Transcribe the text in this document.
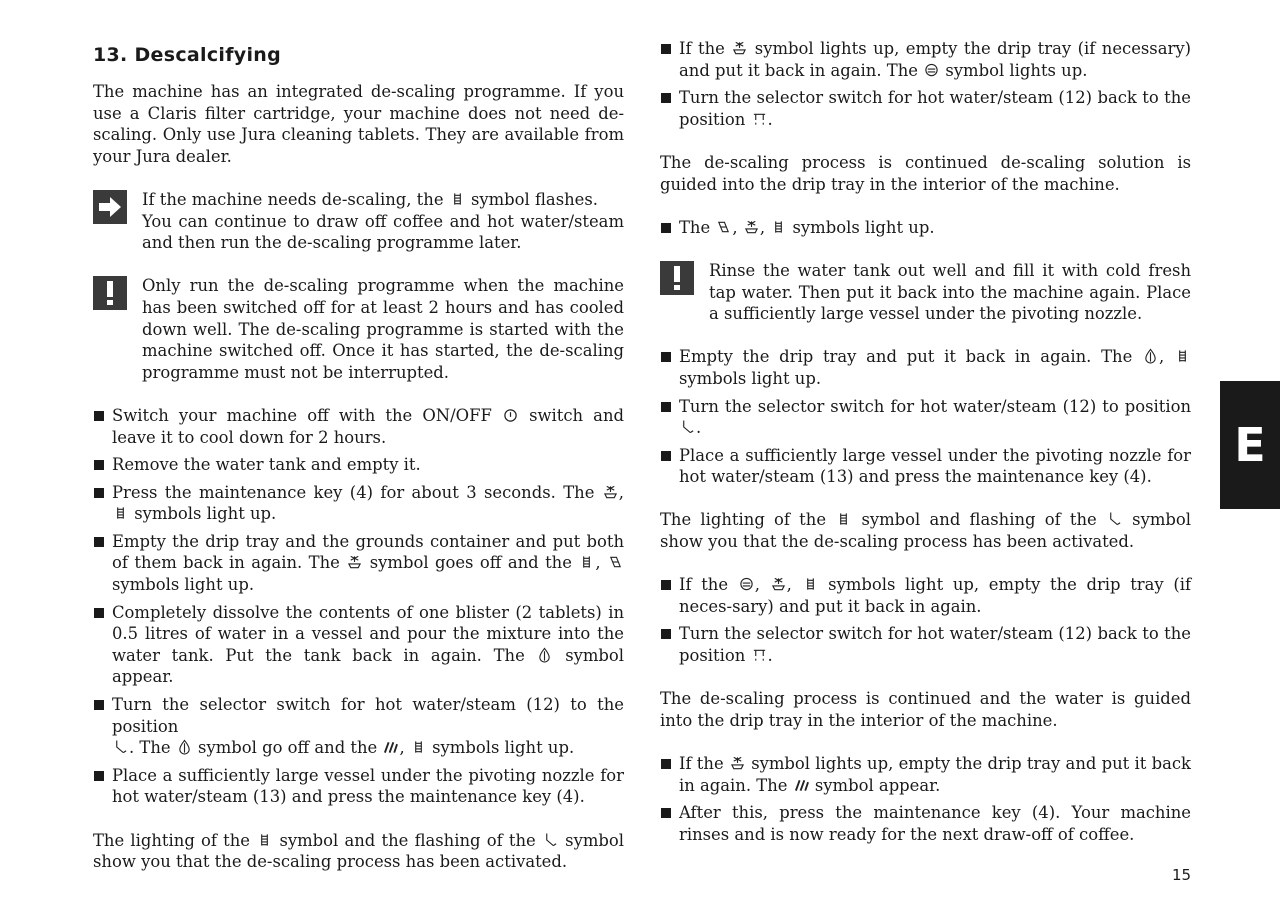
13. Descalcifying

The machine has an integrated de-scaling programme. If you use a Claris filter cartridge, your machine does not need de-scaling. Only use Jura cleaning tablets. They are available from your Jura dealer.

If the machine needs de-scaling, the symbol flashes.
You can continue to draw off coffee and hot water/steam and then run the de-scaling programme later.
Only run the de-scaling programme when the machine has been switched off for at least 2 hours and has cooled down well. The de-scaling programme is started with the machine switched off. Once it has started, the de-scaling programme must not be interrupted.
Switch your machine off with the ON/OFF switch and leave it to cool down for 2 hours.
Remove the water tank and empty it.
Press the maintenance key (4) for about 3 seconds. The ,
symbols light up.
Empty the drip tray and the grounds container and put both of them back in again. The symbol goes off and the ,
symbols light up.
Completely dissolve the contents of one blister (2 tablets) in 0.5 litres of water in a vessel and pour the mixture into the water tank. Put the tank back in again. The symbol appear.
Turn the selector switch for hot water/steam (12) to the position

. The symbol go off and the , symbols light up.
Place a sufficiently large vessel under the pivoting nozzle for hot water/steam (13) and press the maintenance key (4).

The lighting of the symbol and the flashing of the symbol show you that the de-scaling process has been activated.

If the symbol lights up, empty the drip tray (if necessary) and put it back in again. The symbol lights up.
Turn the selector switch for hot water/steam (12) back to the position .

The de-scaling process is continued de-scaling solution is guided into the drip tray in the interior of the machine.

The , , symbols light up.
Rinse the water tank out well and fill it with cold fresh tap water. Then put it back into the machine again. Place a sufficiently large vessel under the pivoting nozzle.
Empty the drip tray and put it back in again. The ,
symbols light up.
Turn the selector switch for hot water/steam (12) to position
.
Place a sufficiently large vessel under the pivoting nozzle for hot water/steam (13) and press the maintenance key (4).

The lighting of the symbol and flashing of the symbol show you that the de-scaling process has been activated.

If the , , symbols light up, empty the drip tray (if neces-sary) and put it back in again.
Turn the selector switch for hot water/steam (12) back to the position .

The de-scaling process is continued and the water is guided into the drip tray in the interior of the machine.

If the symbol lights up, empty the drip tray and put it back in again. The symbol appear.
After this, press the maintenance key (4). Your machine rinses and is now ready for the next draw-off of coffee.
E
15
